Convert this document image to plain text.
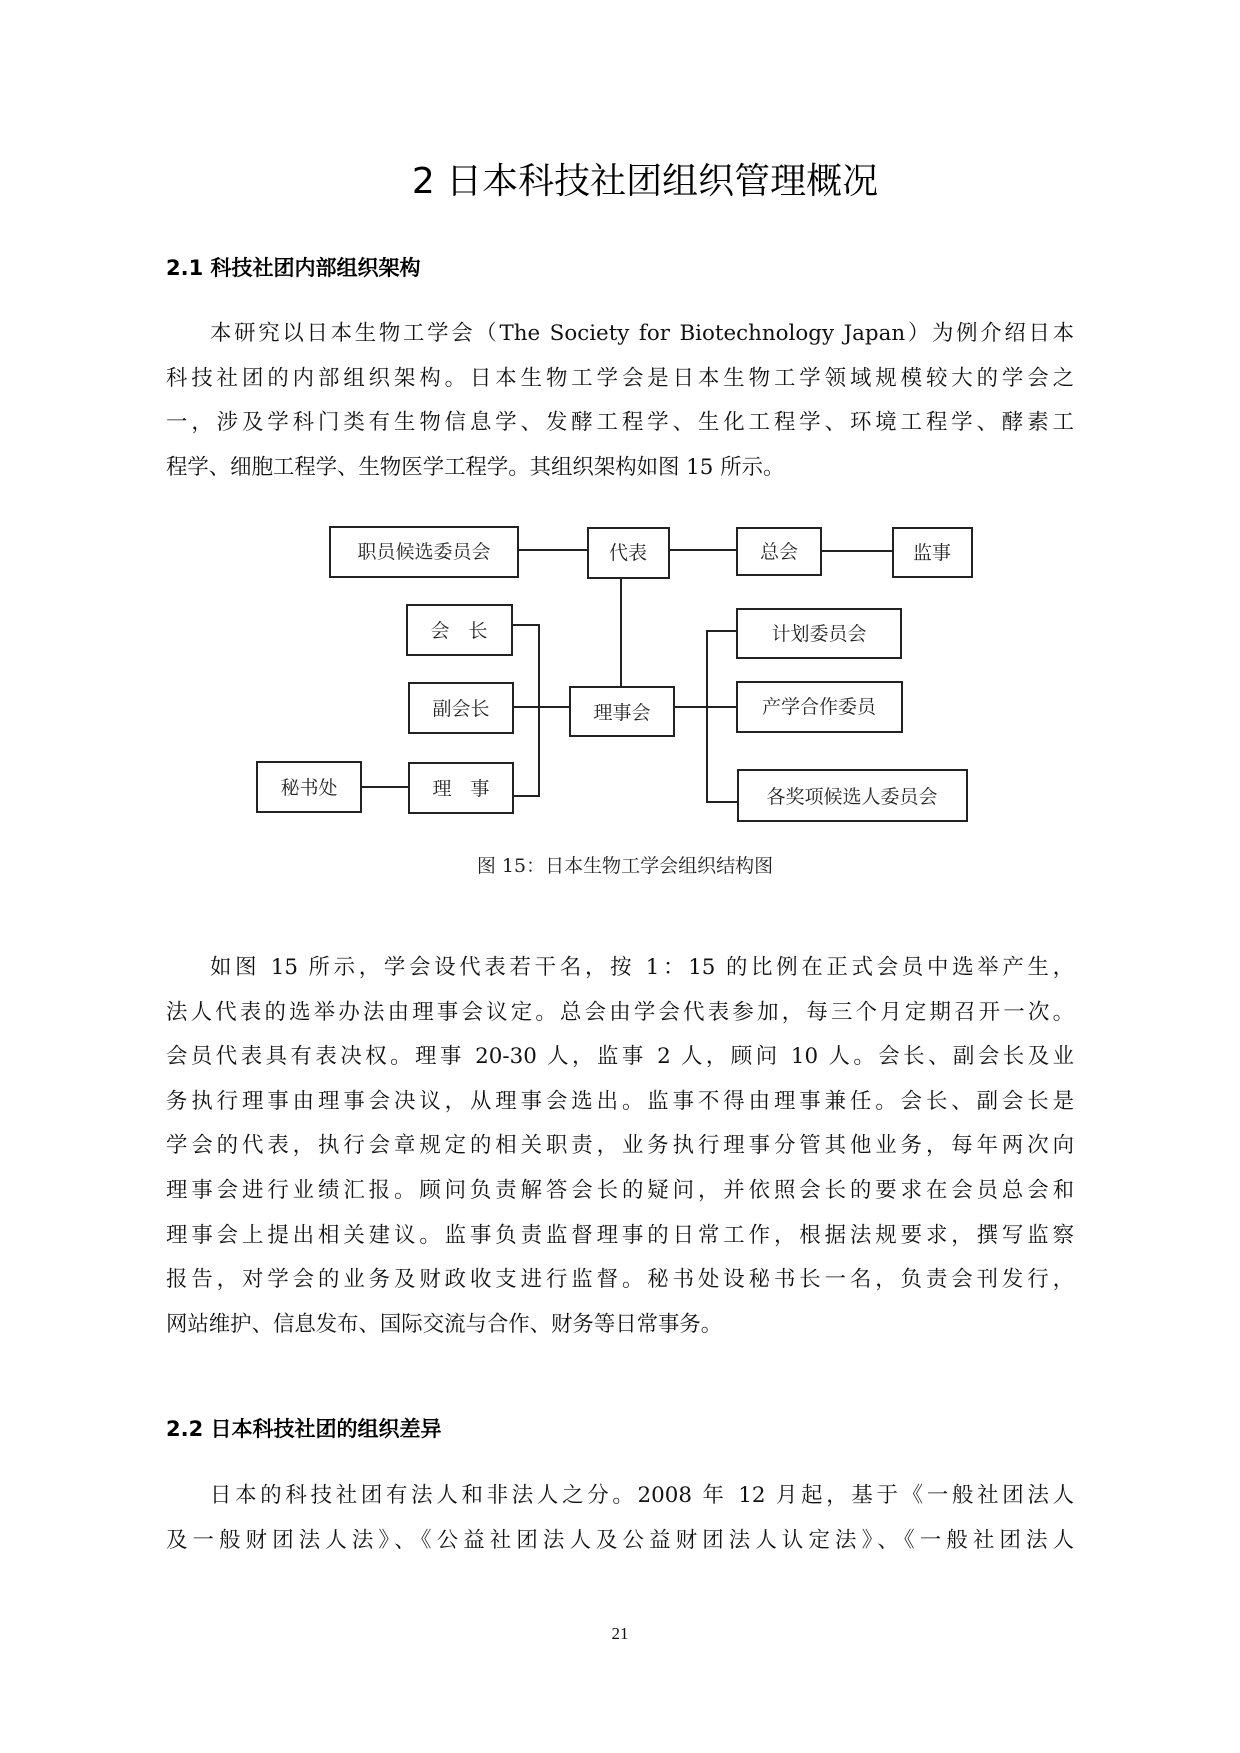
2 日本科技社团组织管理概况
2.1 科技社团内部组织架构
本研究以日本生物工学会（The Society for Biotechnology Japan）为例介绍日本
科技社团的内部组织架构。日本生物工学会是日本生物工学领域规模较大的学会之
一，涉及学科门类有生物信息学、发酵工程学、生化工程学、环境工程学、酵素工
程学、细胞工程学、生物医学工程学。其组织架构如图 15 所示。
职员候选委员会	代表	总会	监事
会　长
副会长
理　事
秘书处
理事会
计划委员会
产学合作委员
各奖项候选人委员会
图 15：日本生物工学会组织结构图
如图 15 所示，学会设代表若干名，按 1：15 的比例在正式会员中选举产生，
法人代表的选举办法由理事会议定。总会由学会代表参加，每三个月定期召开一次。
会员代表具有表决权。理事 20-30 人，监事 2 人，顾问 10 人。会长、副会长及业
务执行理事由理事会决议，从理事会选出。监事不得由理事兼任。会长、副会长是
学会的代表，执行会章规定的相关职责，业务执行理事分管其他业务，每年两次向
理事会进行业绩汇报。顾问负责解答会长的疑问，并依照会长的要求在会员总会和
理事会上提出相关建议。监事负责监督理事的日常工作，根据法规要求，撰写监察
报告，对学会的业务及财政收支进行监督。秘书处设秘书长一名，负责会刊发行，
网站维护、信息发布、国际交流与合作、财务等日常事务。
2.2 日本科技社团的组织差异
日本的科技社团有法人和非法人之分。2008 年 12 月起，基于《一般社团法人
及一般财团法人法》、《公益社团法人及公益财团法人认定法》、《一般社团法人
21
